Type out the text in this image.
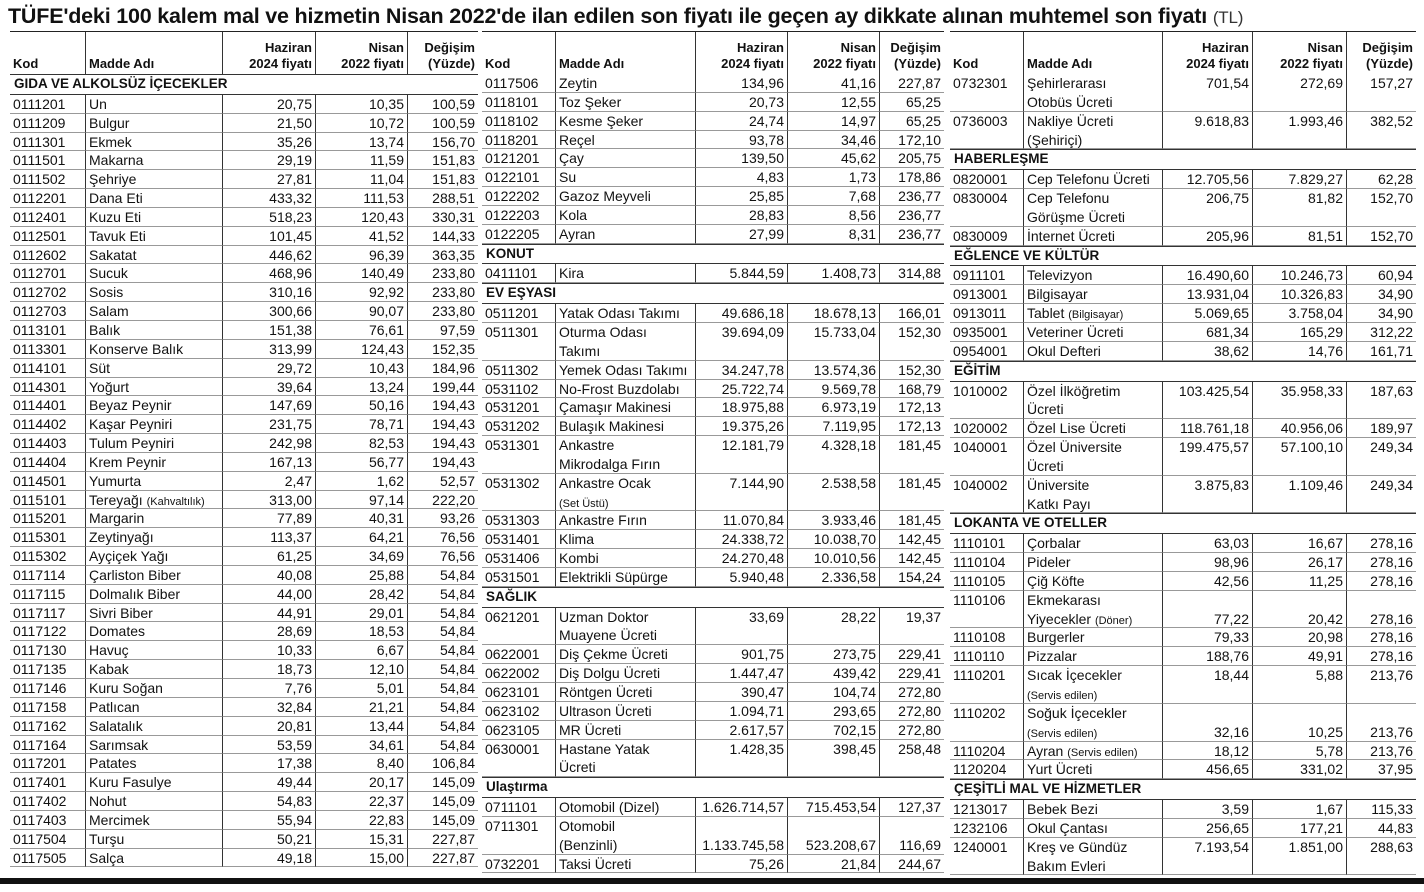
TÜFE'deki 100 kalem mal ve hizmetin Nisan 2022'de ilan edilen son fiyatı ile geçen ay dikkate alınan muhtemel son fiyatı (TL)
Kod	Madde Adı
Haziran
2024 fiyatı
Nisan
2022 fiyatı
Değişim
(Yüzde)
GIDA VE ALKOLSÜZ İÇECEKLER
0111201	Un	20,75	10,35	100,59
0111209	Bulgur	21,50	10,72	100,59
0111301	Ekmek	35,26	13,74	156,70
0111501	Makarna	29,19	11,59	151,83
0111502	Şehriye	27,81	11,04	151,83
0112201	Dana Eti	433,32	111,53	288,51
0112401	Kuzu Eti	518,23	120,43	330,31
0112501	Tavuk Eti	101,45	41,52	144,33
0112602	Sakatat	446,62	96,39	363,35
0112701	Sucuk	468,96	140,49	233,80
0112702	Sosis	310,16	92,92	233,80
0112703	Salam	300,66	90,07	233,80
0113101	Balık	151,38	76,61	97,59
0113301	Konserve Balık	313,99	124,43	152,35
0114101	Süt	29,72	10,43	184,96
0114301	Yoğurt	39,64	13,24	199,44
0114401	Beyaz Peynir	147,69	50,16	194,43
0114402	Kaşar Peyniri	231,75	78,71	194,43
0114403	Tulum Peyniri	242,98	82,53	194,43
0114404	Krem Peynir	167,13	56,77	194,43
0114501	Yumurta	2,47	1,62	52,57
0115101	Tereyağı (Kahvaltılık)	313,00	97,14	222,20
0115201	Margarin	77,89	40,31	93,26
0115301	Zeytinyağı	113,37	64,21	76,56
0115302	Ayçiçek Yağı	61,25	34,69	76,56
0117114	Çarliston Biber	40,08	25,88	54,84
0117115	Dolmalık Biber	44,00	28,42	54,84
0117117	Sivri Biber	44,91	29,01	54,84
0117122	Domates	28,69	18,53	54,84
0117130	Havuç	10,33	6,67	54,84
0117135	Kabak	18,73	12,10	54,84
0117146	Kuru Soğan	7,76	5,01	54,84
0117158	Patlıcan	32,84	21,21	54,84
0117162	Salatalık	20,81	13,44	54,84
0117164	Sarımsak	53,59	34,61	54,84
0117201	Patates	17,38	8,40	106,84
0117401	Kuru Fasulye	49,44	20,17	145,09
0117402	Nohut	54,83	22,37	145,09
0117403	Mercimek	55,94	22,83	145,09
0117504	Turşu	50,21	15,31	227,87
0117505	Salça	49,18	15,00	227,87
Kod	Madde Adı
Haziran
2024 fiyatı
Nisan
2022 fiyatı
Değişim
(Yüzde)
0117506	Zeytin	134,96	41,16	227,87
0118101	Toz Şeker	20,73	12,55	65,25
0118102	Kesme Şeker	24,74	14,97	65,25
0118201	Reçel	93,78	34,46	172,10
0121201	Çay	139,50	45,62	205,75
0122101	Su	4,83	1,73	178,86
0122202	Gazoz Meyveli	25,85	7,68	236,77
0122203	Kola	28,83	8,56	236,77
0122205	Ayran	27,99	8,31	236,77
KONUT
0411101	Kira	5.844,59	1.408,73	314,88
EV EŞYASI
0511201	Yatak Odası Takımı	49.686,18	18.678,13	166,01
0511301	Oturma Odası	39.694,09	15.733,04	152,30
Takımı
0511302	Yemek Odası Takımı	34.247,78	13.574,36	152,30
0531102	No-Frost Buzdolabı	25.722,74	9.569,78	168,79
0531201	Çamaşır Makinesi	18.975,88	6.973,19	172,13
0531202	Bulaşık Makinesi	19.375,26	7.119,95	172,13
0531301	Ankastre	12.181,79	4.328,18	181,45
Mikrodalga Fırın
0531302	Ankastre Ocak	7.144,90	2.538,58	181,45
(Set Üstü)
0531303	Ankastre Fırın	11.070,84	3.933,46	181,45
0531401	Klima	24.338,72	10.038,70	142,45
0531406	Kombi	24.270,48	10.010,56	142,45
0531501	Elektrikli Süpürge	5.940,48	2.336,58	154,24
SAĞLIK
0621201	Uzman Doktor	33,69	28,22	19,37
Muayene Ücreti
0622001	Diş Çekme Ücreti	901,75	273,75	229,41
0622002	Diş Dolgu Ücreti	1.447,47	439,42	229,41
0623101	Röntgen Ücreti	390,47	104,74	272,80
0623102	Ultrason Ücreti	1.094,71	293,65	272,80
0623105	MR Ücreti	2.617,57	702,15	272,80
0630001	Hastane Yatak	1.428,35	398,45	258,48
Ücreti
Ulaştırma
0711101	Otomobil (Dizel)	1.626.714,57	715.453,54	127,37
0711301	Otomobil
(Benzinli)	1.133.745,58	523.208,67	116,69
0732201	Taksi Ücreti	75,26	21,84	244,67
Kod	Madde Adı
Haziran
2024 fiyatı
Nisan
2022 fiyatı
Değişim
(Yüzde)
0732301	Şehirlerarası	701,54	272,69	157,27
Otobüs Ücreti
0736003	Nakliye Ücreti	9.618,83	1.993,46	382,52
(Şehiriçi)
HABERLEŞME
0820001	Cep Telefonu Ücreti	12.705,56	7.829,27	62,28
0830004	Cep Telefonu	206,75	81,82	152,70
Görüşme Ücreti
0830009	İnternet Ücreti	205,96	81,51	152,70
EĞLENCE VE KÜLTÜR
0911101	Televizyon	16.490,60	10.246,73	60,94
0913001	Bilgisayar	13.931,04	10.326,83	34,90
0913011	Tablet (Bilgisayar)	5.069,65	3.758,04	34,90
0935001	Veteriner Ücreti	681,34	165,29	312,22
0954001	Okul Defteri	38,62	14,76	161,71
EĞİTİM
1010002	Özel İlköğretim	103.425,54	35.958,33	187,63
Ücreti
1020002	Özel Lise Ücreti	118.761,18	40.956,06	189,97
1040001	Özel Üniversite	199.475,57	57.100,10	249,34
Ücreti
1040002	Üniversite	3.875,83	1.109,46	249,34
Katkı Payı
LOKANTA VE OTELLER
1110101	Çorbalar	63,03	16,67	278,16
1110104	Pideler	98,96	26,17	278,16
1110105	Çiğ Köfte	42,56	11,25	278,16
1110106	Ekmekarası
Yiyecekler (Döner)	77,22	20,42	278,16
1110108	Burgerler	79,33	20,98	278,16
1110110	Pizzalar	188,76	49,91	278,16
1110201	Sıcak İçecekler	18,44	5,88	213,76
(Servis edilen)
1110202	Soğuk İçecekler
(Servis edilen)	32,16	10,25	213,76
1110204	Ayran (Servis edilen)	18,12	5,78	213,76
1120204	Yurt Ücreti	456,65	331,02	37,95
ÇEŞİTLİ MAL VE HİZMETLER
1213017	Bebek Bezi	3,59	1,67	115,33
1232106	Okul Çantası	256,65	177,21	44,83
1240001	Kreş ve Gündüz	7.193,54	1.851,00	288,63
Bakım Evleri
